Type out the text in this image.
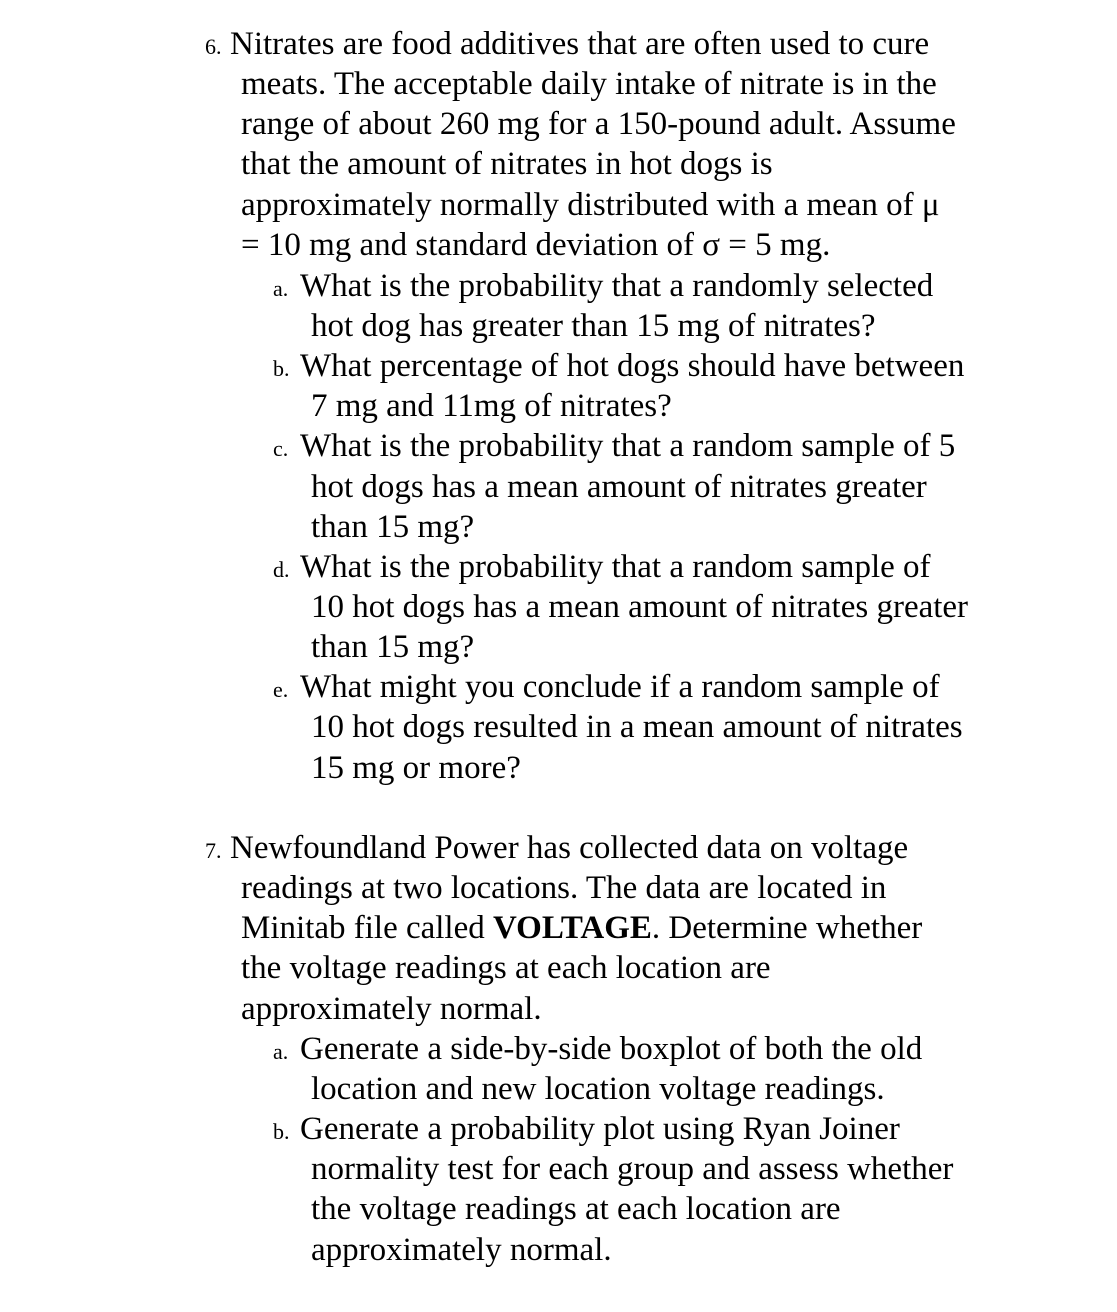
6. Nitrates are food additives that are often used to cure
meats. The acceptable daily intake of nitrate is in the
range of about 260 mg for a 150-pound adult. Assume
that the amount of nitrates in hot dogs is
approximately normally distributed with a mean of μ
= 10 mg and standard deviation of σ = 5 mg.
a. What is the probability that a randomly selected
hot dog has greater than 15 mg of nitrates?
b. What percentage of hot dogs should have between
7 mg and 11mg of nitrates?
c. What is the probability that a random sample of 5
hot dogs has a mean amount of nitrates greater
than 15 mg?
d. What is the probability that a random sample of
10 hot dogs has a mean amount of nitrates greater
than 15 mg?
e. What might you conclude if a random sample of
10 hot dogs resulted in a mean amount of nitrates
15 mg or more?
7. Newfoundland Power has collected data on voltage
readings at two locations. The data are located in
Minitab file called VOLTAGE. Determine whether
the voltage readings at each location are
approximately normal.
a. Generate a side-by-side boxplot of both the old
location and new location voltage readings.
b. Generate a probability plot using Ryan Joiner
normality test for each group and assess whether
the voltage readings at each location are
approximately normal.
